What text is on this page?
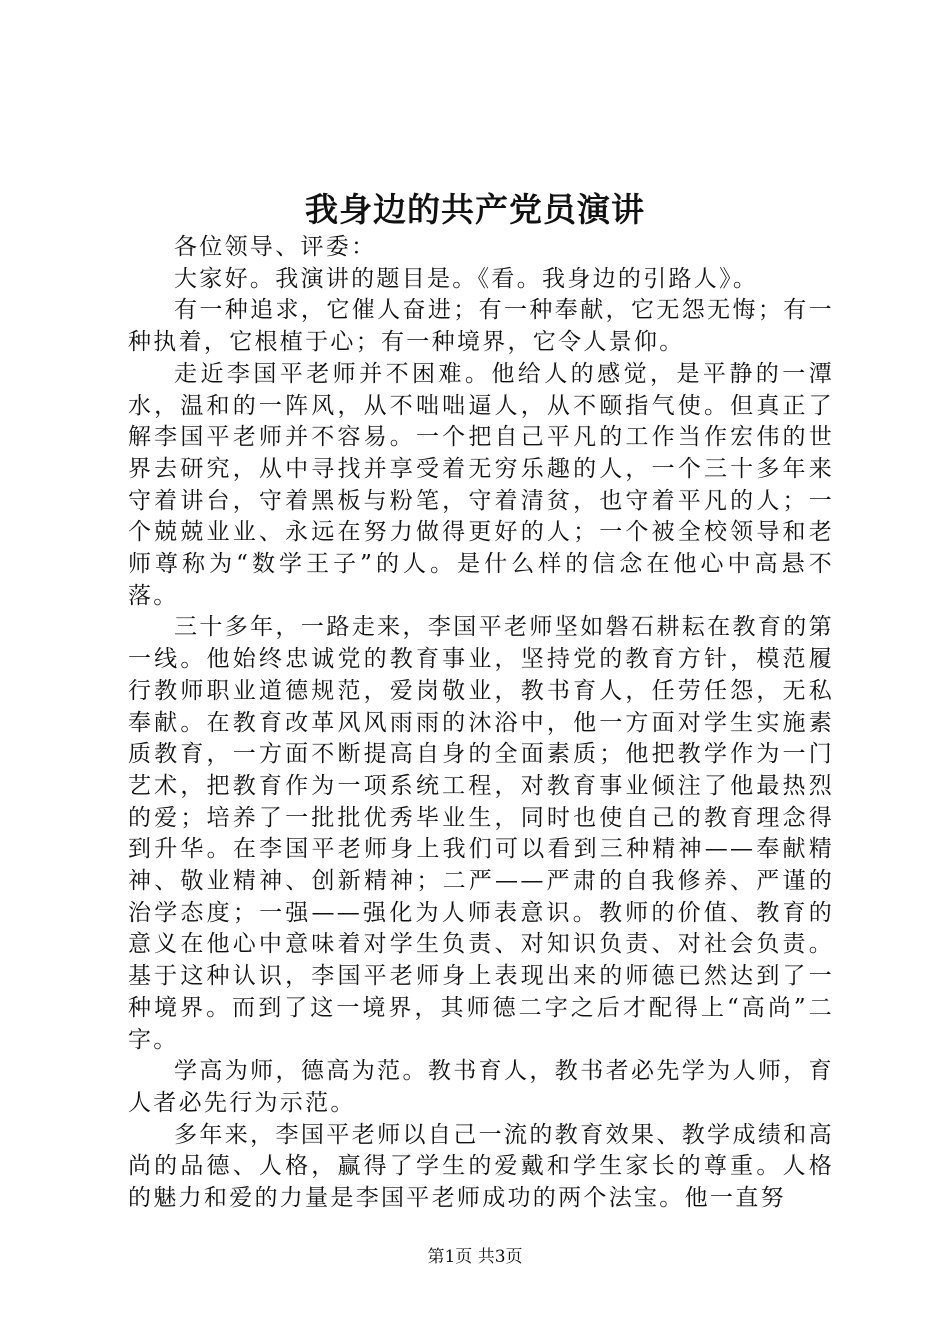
我身边的共产党员演讲

各位领导、评委：

大家好。我演讲的题目是。《看。我身边的引路人》。

有一种追求，它催人奋进；有一种奉献，它无怨无悔；有一种执着，它根植于心；有一种境界，它令人景仰。

走近李国平老师并不困难。他给人的感觉，是平静的一潭水，温和的一阵风，从不咄咄逼人，从不颐指气使。但真正了解李国平老师并不容易。一个把自己平凡的工作当作宏伟的世界去研究，从中寻找并享受着无穷乐趣的人，一个三十多年来守着讲台，守着黑板与粉笔，守着清贫，也守着平凡的人；一个兢兢业业、永远在努力做得更好的人；一个被全校领导和老师尊称为“数学王子”的人。是什么样的信念在他心中高悬不落。

三十多年，一路走来，李国平老师坚如磐石耕耘在教育的第一线。他始终忠诚党的教育事业，坚持党的教育方针，模范履行教师职业道德规范，爱岗敬业，教书育人，任劳任怨，无私奉献。在教育改革风风雨雨的沐浴中，他一方面对学生实施素质教育，一方面不断提高自身的全面素质；他把教学作为一门艺术，把教育作为一项系统工程，对教育事业倾注了他最热烈的爱；培养了一批批优秀毕业生，同时也使自己的教育理念得到升华。在李国平老师身上我们可以看到三种精神——奉献精神、敬业精神、创新精神；二严——严肃的自我修养、严谨的治学态度；一强——强化为人师表意识。教师的价值、教育的意义在他心中意味着对学生负责、对知识负责、对社会负责。基于这种认识，李国平老师身上表现出来的师德已然达到了一种境界。而到了这一境界，其师德二字之后才配得上“高尚”二字。

学高为师，德高为范。教书育人，教书者必先学为人师，育人者必先行为示范。

多年来，李国平老师以自己一流的教育效果、教学成绩和高尚的品德、人格，赢得了学生的爱戴和学生家长的尊重。人格的魅力和爱的力量是李国平老师成功的两个法宝。他一直努

第1页 共3页
